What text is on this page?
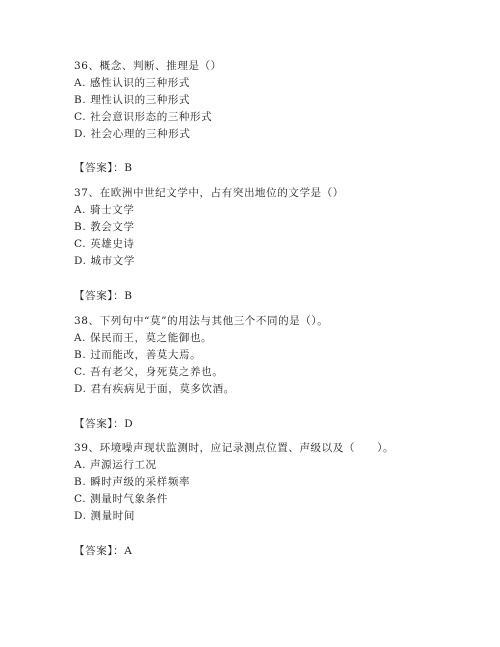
36、概念、判断、推理是（）
A. 感性认识的三种形式
B. 理性认识的三种形式
C. 社会意识形态的三种形式
D. 社会心理的三种形式
【答案】：B
37、在欧洲中世纪文学中，占有突出地位的文学是（）
A. 骑士文学
B. 教会文学
C. 英雄史诗
D. 城市文学
【答案】：B
38、下列句中“莫”的用法与其他三个不同的是（）。
A. 保民而王，莫之能御也。
B. 过而能改，善莫大焉。
C. 吾有老父，身死莫之养也。
D. 君有疾病见于面，莫多饮酒。
【答案】：D
39、环境噪声现状监测时，应记录测点位置、声级以及（　　）。
A. 声源运行工况
B. 瞬时声级的采样频率
C. 测量时气象条件
D. 测量时间
【答案】：A
